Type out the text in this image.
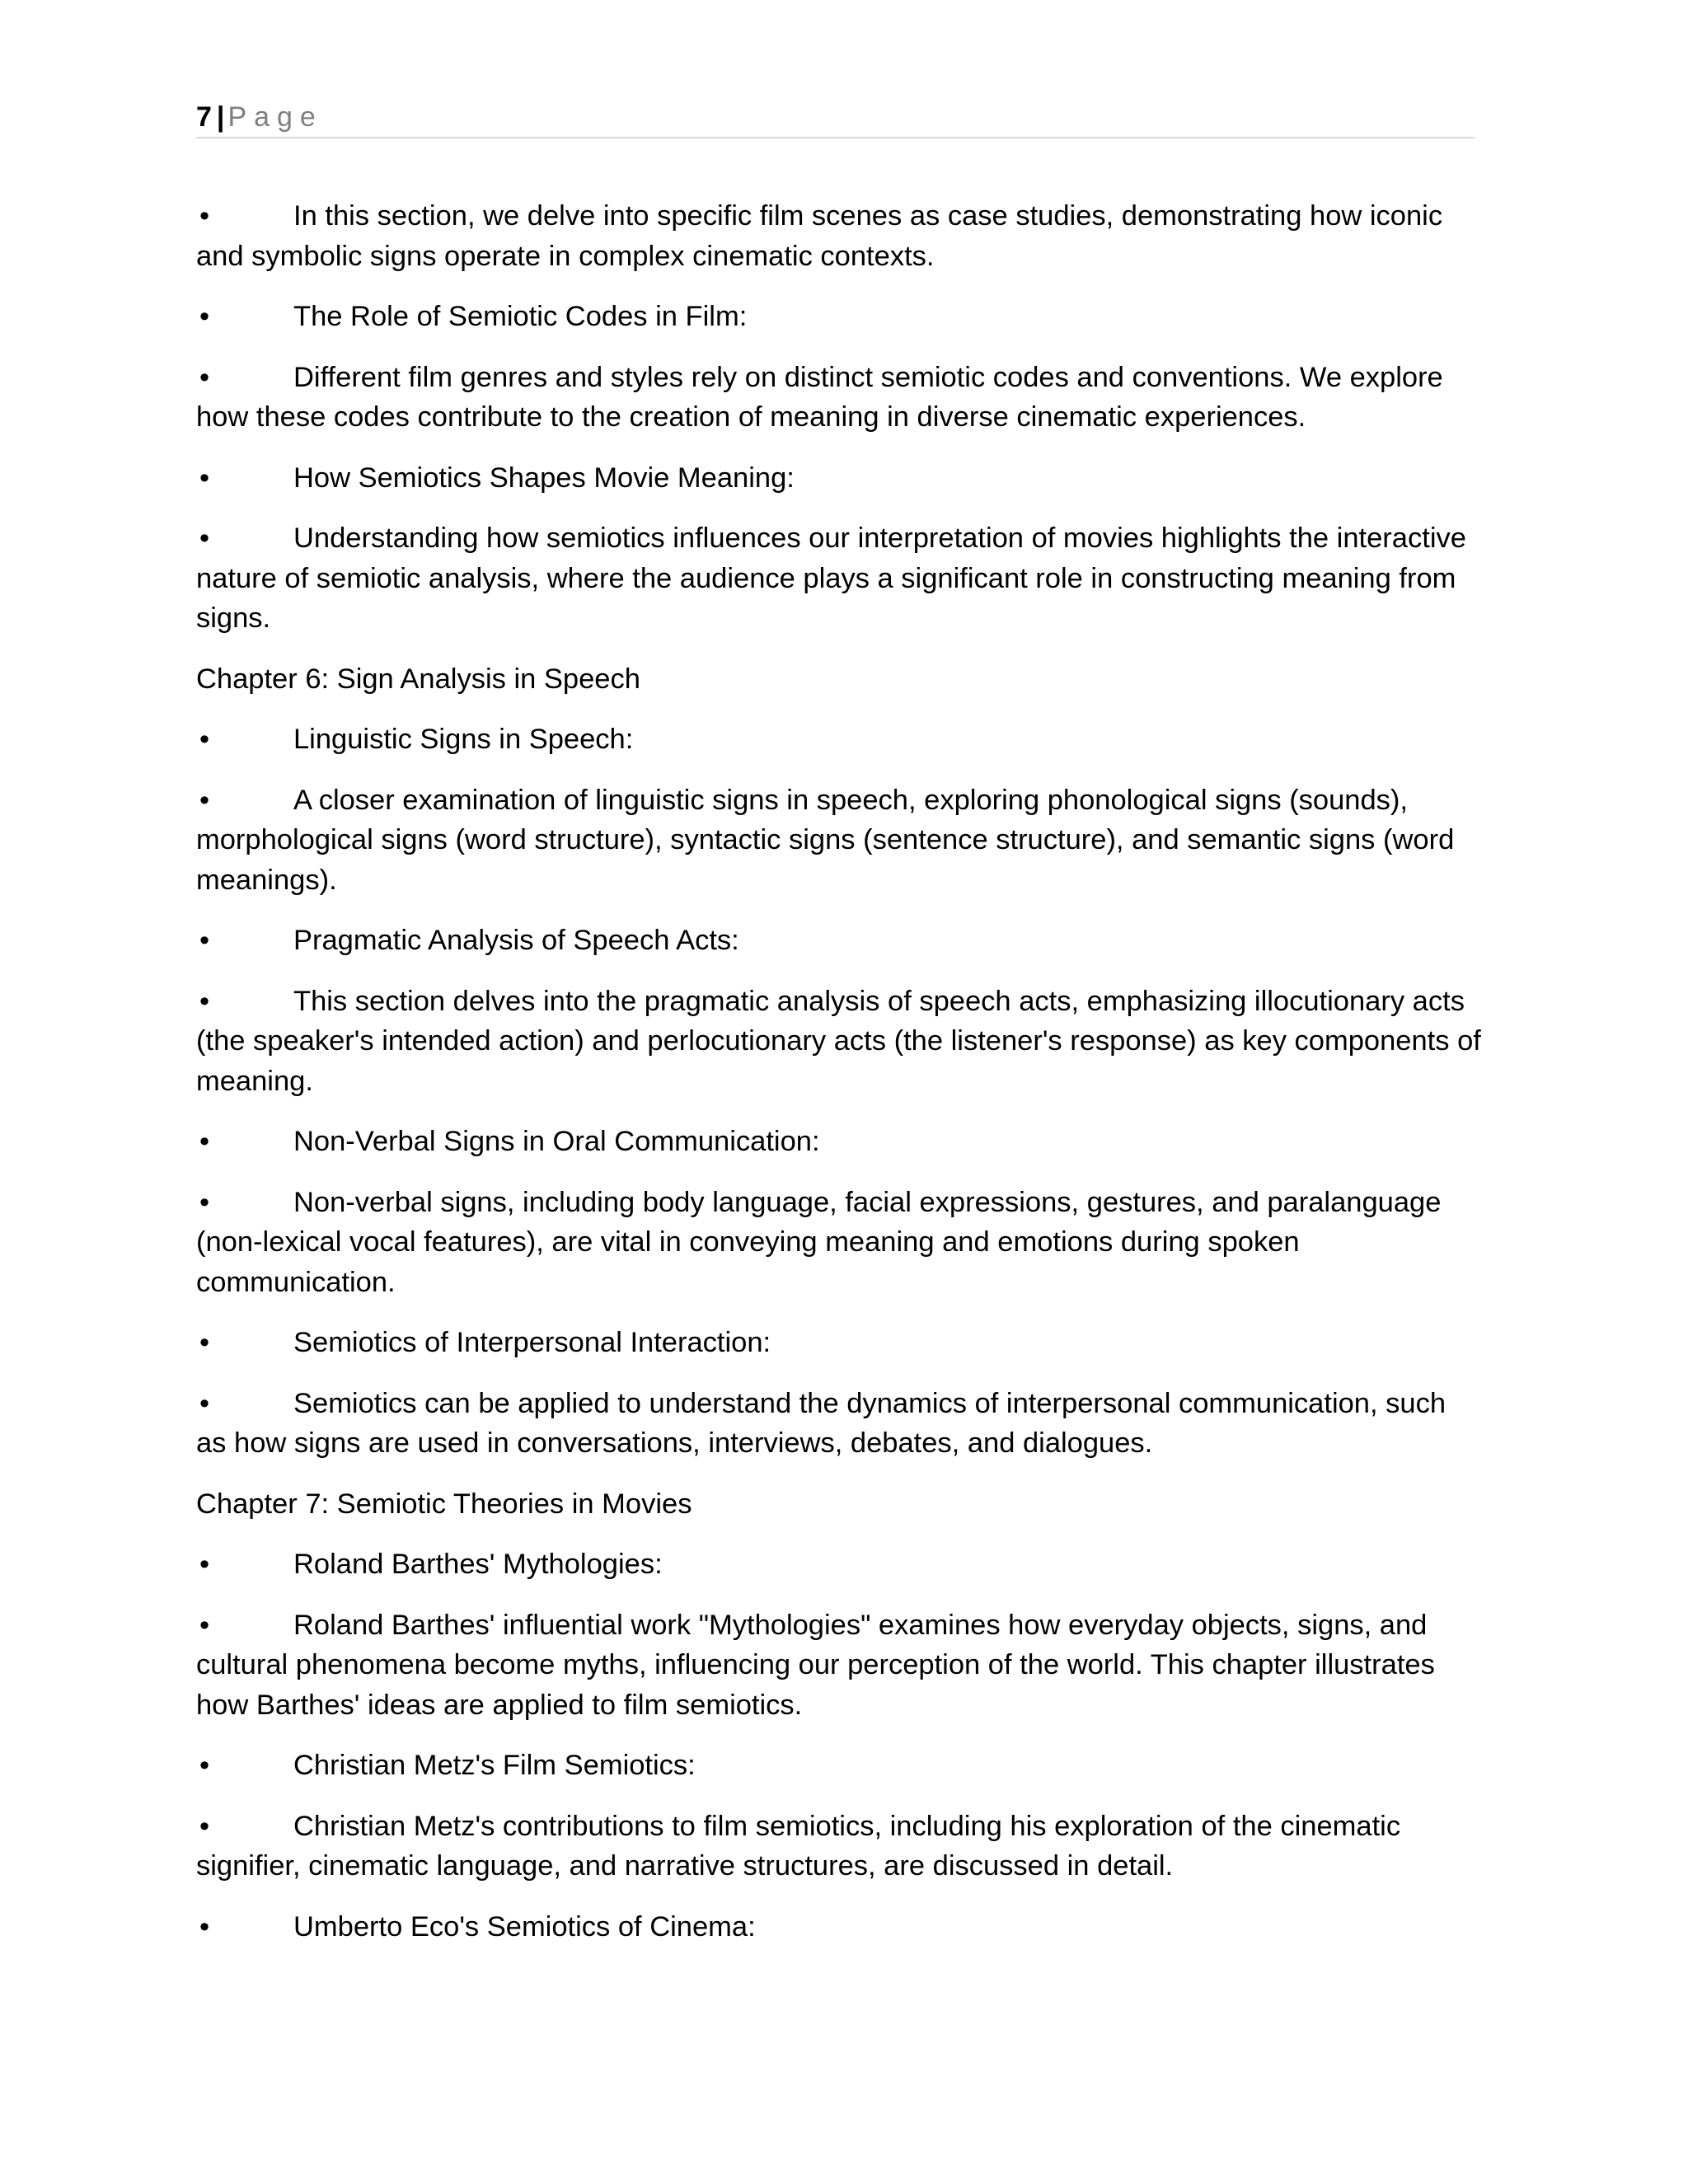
7 | Page

•	In this section, we delve into specific film scenes as case studies, demonstrating how iconic and symbolic signs operate in complex cinematic contexts.

•	The Role of Semiotic Codes in Film:

•	Different film genres and styles rely on distinct semiotic codes and conventions. We explore how these codes contribute to the creation of meaning in diverse cinematic experiences.

•	How Semiotics Shapes Movie Meaning:

•	Understanding how semiotics influences our interpretation of movies highlights the interactive nature of semiotic analysis, where the audience plays a significant role in constructing meaning from signs.

Chapter 6: Sign Analysis in Speech

•	Linguistic Signs in Speech:

•	A closer examination of linguistic signs in speech, exploring phonological signs (sounds), morphological signs (word structure), syntactic signs (sentence structure), and semantic signs (word meanings).

•	Pragmatic Analysis of Speech Acts:

•	This section delves into the pragmatic analysis of speech acts, emphasizing illocutionary acts (the speaker's intended action) and perlocutionary acts (the listener's response) as key components of meaning.

•	Non-Verbal Signs in Oral Communication:

•	Non-verbal signs, including body language, facial expressions, gestures, and paralanguage (non-lexical vocal features), are vital in conveying meaning and emotions during spoken communication.

•	Semiotics of Interpersonal Interaction:

•	Semiotics can be applied to understand the dynamics of interpersonal communication, such as how signs are used in conversations, interviews, debates, and dialogues.

Chapter 7: Semiotic Theories in Movies

•	Roland Barthes' Mythologies:

•	Roland Barthes' influential work "Mythologies" examines how everyday objects, signs, and cultural phenomena become myths, influencing our perception of the world. This chapter illustrates how Barthes' ideas are applied to film semiotics.

•	Christian Metz's Film Semiotics:

•	Christian Metz's contributions to film semiotics, including his exploration of the cinematic signifier, cinematic language, and narrative structures, are discussed in detail.

•	Umberto Eco's Semiotics of Cinema:
